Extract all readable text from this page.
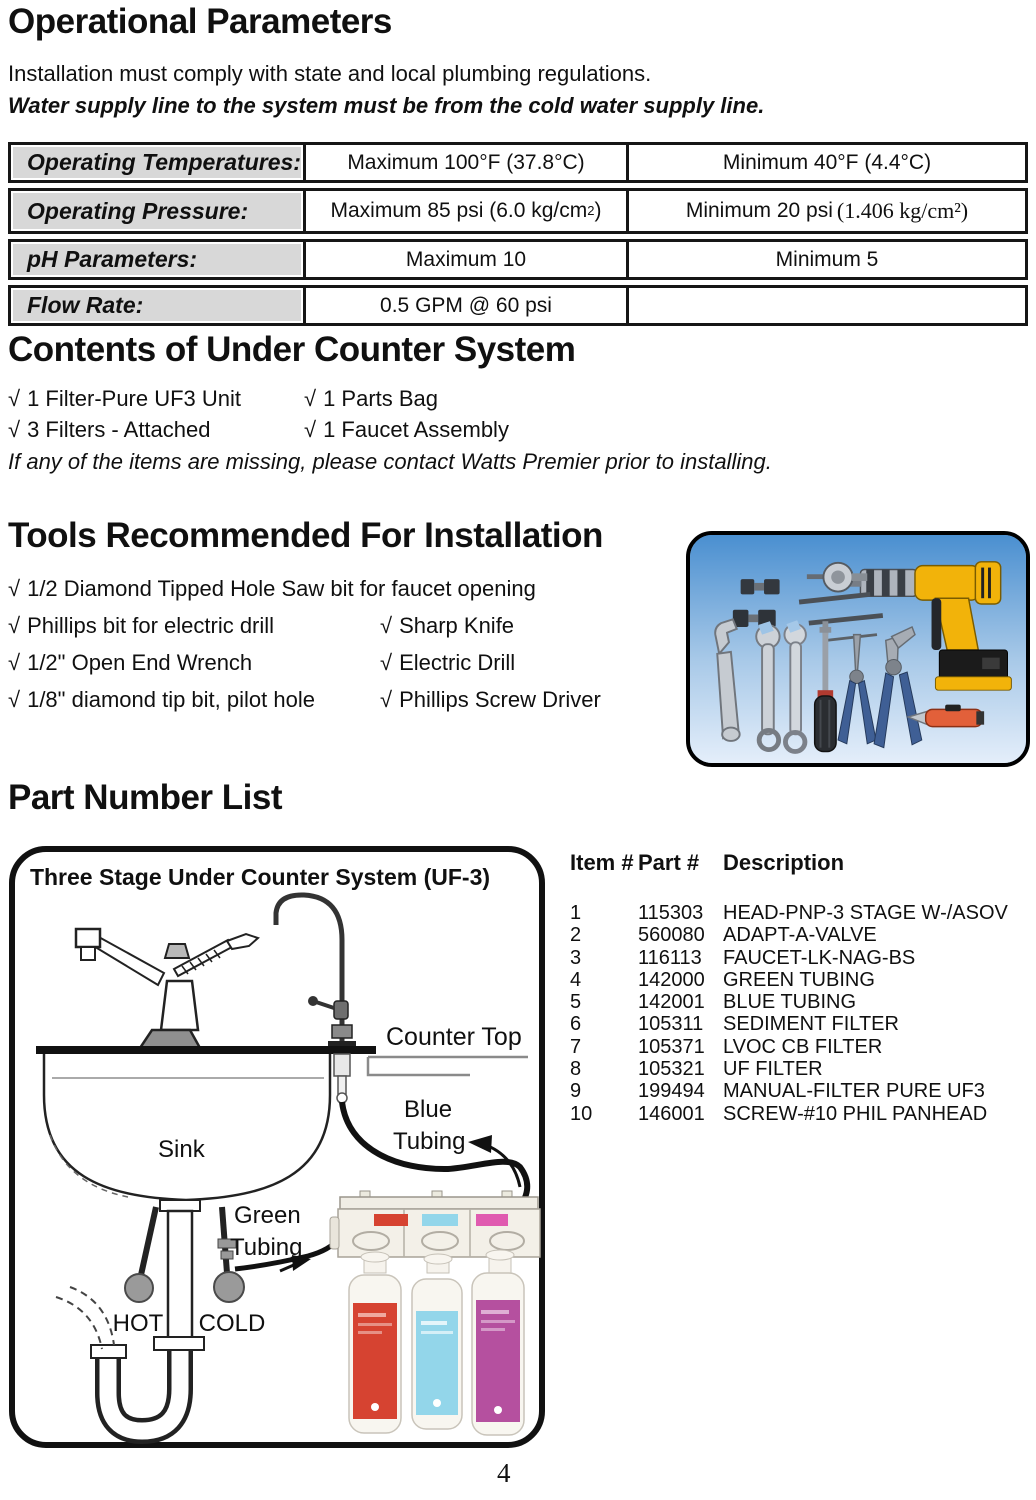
Operational Parameters
Installation must comply with state and local plumbing regulations.
Water supply line to the system must be from the cold water supply line.
Operating Temperatures:	Maximum 100°F (37.8°C)	Minimum 40°F (4.4°C)
Operating Pressure:	Maximum 85 psi (6.0 kg/cm 2 )	Minimum 20 psi (1.406 kg/cm²)
pH Parameters:	Maximum 10	Minimum 5
Flow Rate:	0.5 GPM @ 60 psi
Contents of Under Counter System
√ 1 Filter-Pure UF3 Unit	√ 1 Parts Bag
√ 3 Filters - Attached	√ 1 Faucet Assembly
If any of the items are missing, please contact Watts Premier prior to installing.
Tools Recommended For Installation
√ 1/2 Diamond Tipped Hole Saw bit for faucet opening
√ Phillips bit for electric drill	√ Sharp Knife
√ 1/2" Open End Wrench	√ Electric Drill
√ 1/8" diamond tip bit, pilot hole	√ Phillips Screw Driver
Part Number List
Three Stage Under Counter System (UF-3)
Counter Top
Sink
HOT COLD
Green
Tubing
Blue
Tubing
Item # Part #	Description
1	115303 HEAD-PNP-3 STAGE W-/ASOV
2	560080 ADAPT-A-VALVE
3	116113	FAUCET-LK-NAG-BS
4	142000 GREEN TUBING
5	142001 BLUE TUBING
6	105311 SEDIMENT FILTER
7	105371 LVOC CB FILTER
8	105321 UF FILTER
9	199494 MANUAL-FILTER PURE UF3
10	146001 SCREW-#10 PHIL PANHEAD
4
